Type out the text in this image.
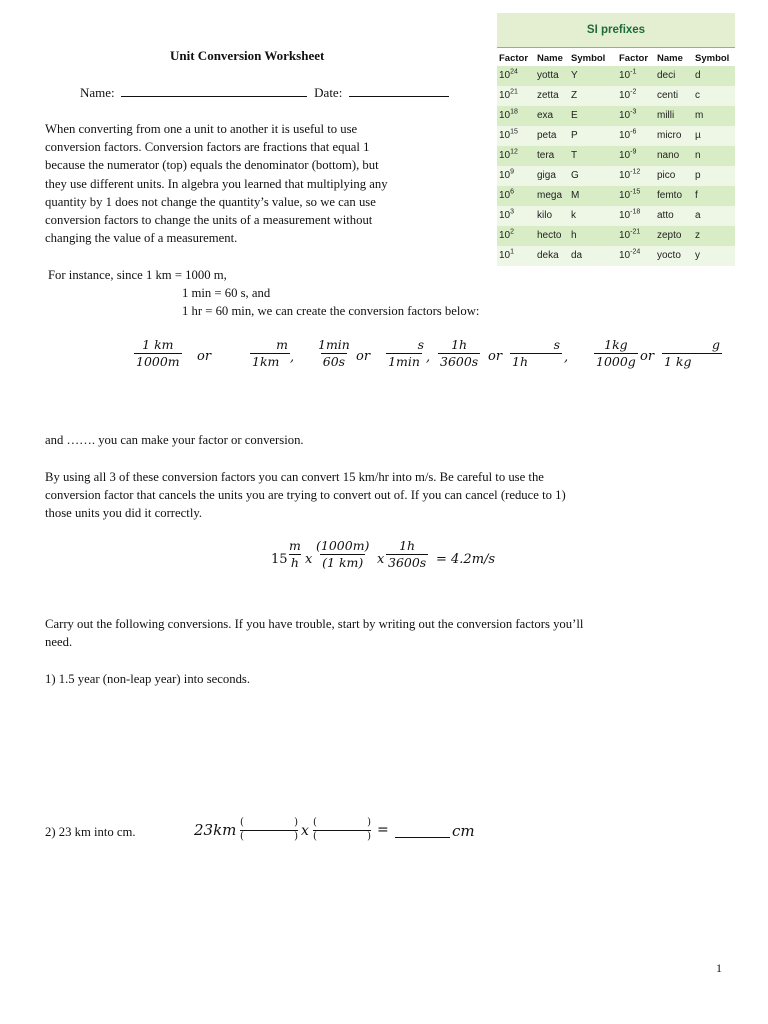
Unit Conversion Worksheet
Name:	Date:
When converting from one a unit to another it is useful to use
conversion factors. Conversion factors are fractions that equal 1
because the numerator (top) equals the denominator (bottom), but
they use different units. In algebra you learned that multiplying any
quantity by 1 does not change the quantity’s value, so we can use
conversion factors to change the units of a measurement without
changing the value of a measurement.
SI prefixes
Factor Name Symbol	Factor Name	Symbol
$10^{24}$	yotta	Y	$10^{-1}$	deci	d
$10^{21}$	zetta	Z	$10^{-2}$	centi	c
$10^{18}$	exa	E	$10^{-3}$	milli	m
$10^{15}$	peta	P	$10^{-6}$	micro	µ
$10^{12}$	tera	T	$10^{-9}$	nano	n
$10^9$	giga	G	$10^{-12}$	pico	p
$10^6$	mega M	$10^{-15}$	femto	f
$10^3$	kilo	k	$10^{-18}$	atto	a
$10^2$	hecto h	$10^{-21}$	zepto	z
$10^1$	deka	da	$10^{-24}$	yocto	y
For instance, since 1 km = 1000 m,
1 min = 60 s, and
1 hr = 60 min, we can create the conversion factors below:
$\frac{1 km}{1000m}$ or	$\frac{m}{1km}$ ,
1min
60s or
s
1min , $\frac{1h}{3600s}$ or $\frac{s}{1h}$ , $\frac{1kg}{1000g}$ or $\frac{g}{1 kg}$
and ……. you can make your factor or conversion.
By using all 3 of these conversion factors you can convert 15 km/hr into m/s. Be careful to use the
conversion factor that cancels the units you are trying to convert out of. If you can cancel (reduce to 1)
those units you did it correctly.
$15 \frac{m}{h}$ x $\frac{(1000m)}{(1 km)}$ x $\frac{1h}{3600s} = 4.2m/s$
Carry out the following conversions. If you have trouble, start by writing out the conversion factors you’ll
need.
1) 1.5 year (non-leap year) into seconds.
2) 23 km into cm.	23km (	)
(	) x
(	)
(	) =	cm
1
